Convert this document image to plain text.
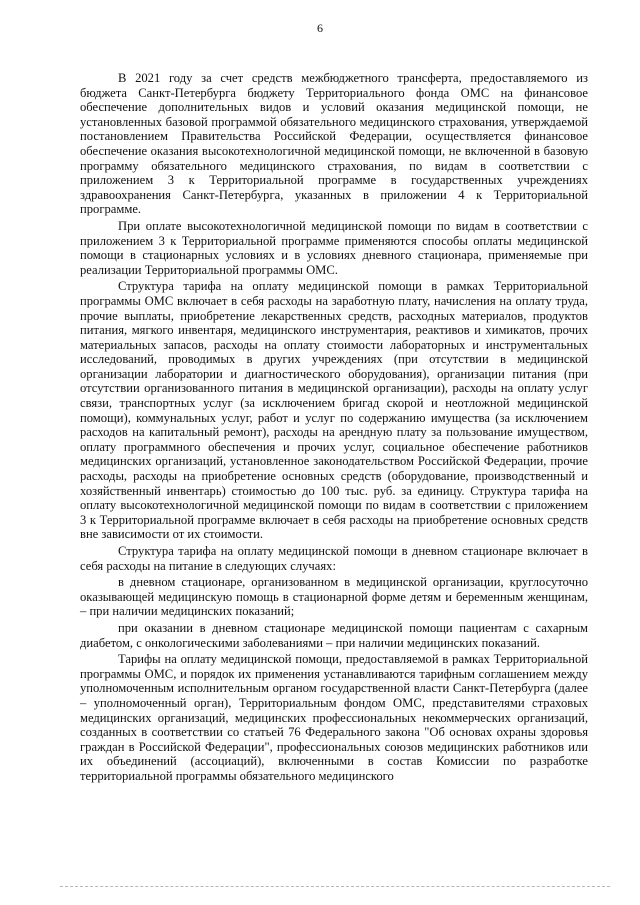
6

В 2021 году за счет средств межбюджетного трансферта, предоставляемого из бюджета Санкт-Петербурга бюджету Территориального фонда ОМС на финансовое обеспечение дополнительных видов и условий оказания медицинской помощи, не установленных базовой программой обязательного медицинского страхования, утверждаемой постановлением Правительства Российской Федерации, осуществляется финансовое обеспечение оказания высокотехнологичной медицинской помощи, не включенной в базовую программу обязательного медицинского страхования, по видам в соответствии с приложением 3 к Территориальной программе в государственных учреждениях здравоохранения Санкт-Петербурга, указанных в приложении 4 к Территориальной программе.

При оплате высокотехнологичной медицинской помощи по видам в соответствии с приложением 3 к Территориальной программе применяются способы оплаты медицинской помощи в стационарных условиях и в условиях дневного стационара, применяемые при реализации Территориальной программы ОМС.

Структура тарифа на оплату медицинской помощи в рамках Территориальной программы ОМС включает в себя расходы на заработную плату, начисления на оплату труда, прочие выплаты, приобретение лекарственных средств, расходных материалов, продуктов питания, мягкого инвентаря, медицинского инструментария, реактивов и химикатов, прочих материальных запасов, расходы на оплату стоимости лабораторных и инструментальных исследований, проводимых в других учреждениях (при отсутствии в медицинской организации лаборатории и диагностического оборудования), организации питания (при отсутствии организованного питания в медицинской организации), расходы на оплату услуг связи, транспортных услуг (за исключением бригад скорой и неотложной медицинской помощи), коммунальных услуг, работ и услуг по содержанию имущества (за исключением расходов на капитальный ремонт), расходы на арендную плату за пользование имуществом, оплату программного обеспечения и прочих услуг, социальное обеспечение работников медицинских организаций, установленное законодательством Российской Федерации, прочие расходы, расходы на приобретение основных средств (оборудование, производственный и хозяйственный инвентарь) стоимостью до 100 тыс. руб. за единицу. Структура тарифа на оплату высокотехнологичной медицинской помощи по видам в соответствии с приложением 3 к Территориальной программе включает в себя расходы на приобретение основных средств вне зависимости от их стоимости.

Структура тарифа на оплату медицинской помощи в дневном стационаре включает в себя расходы на питание в следующих случаях:

в дневном стационаре, организованном в медицинской организации, круглосуточно оказывающей медицинскую помощь в стационарной форме детям и беременным женщинам, – при наличии медицинских показаний;

при оказании в дневном стационаре медицинской помощи пациентам с сахарным диабетом, с онкологическими заболеваниями – при наличии медицинских показаний.

Тарифы на оплату медицинской помощи, предоставляемой в рамках Территориальной программы ОМС, и порядок их применения устанавливаются тарифным соглашением между уполномоченным исполнительным органом государственной власти Санкт-Петербурга (далее – уполномоченный орган), Территориальным фондом ОМС, представителями страховых медицинских организаций, медицинских профессиональных некоммерческих организаций, созданных в соответствии со статьей 76 Федерального закона "Об основах охраны здоровья граждан в Российской Федерации", профессиональных союзов медицинских работников или их объединений (ассоциаций), включенными в состав Комиссии по разработке территориальной программы обязательного медицинского
